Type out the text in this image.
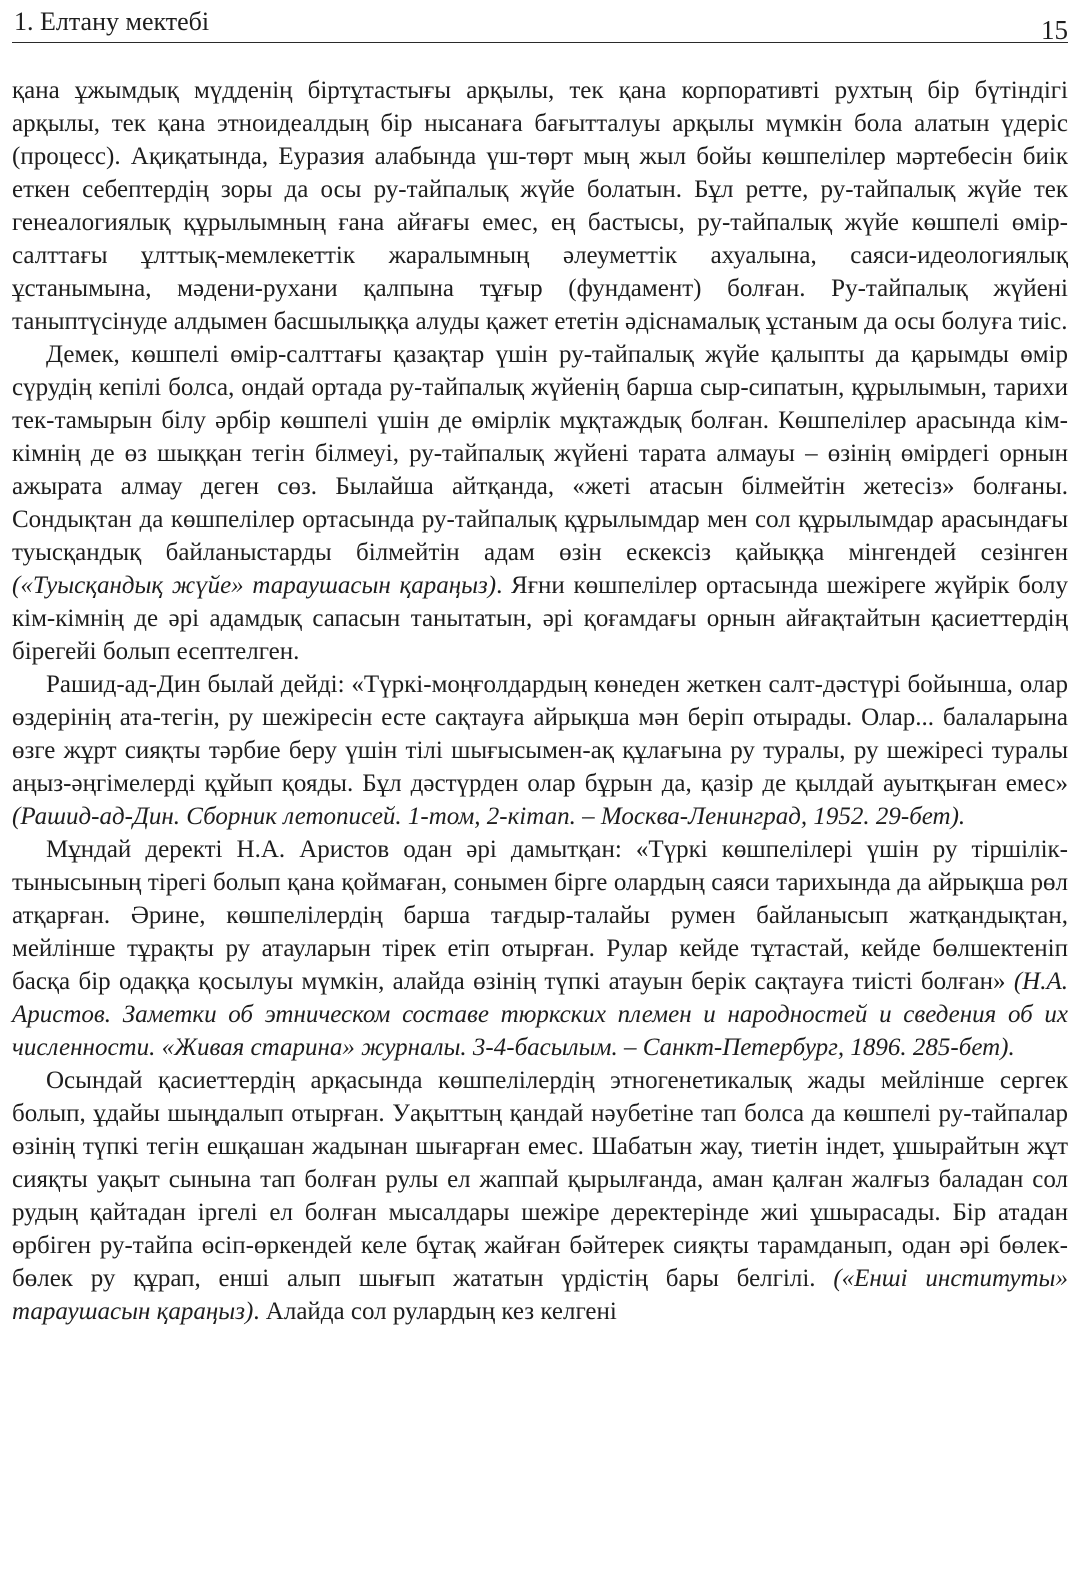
1. Елтану мектебі	15

қана ұжымдық мүдденің біртұтастығы арқылы, тек қана корпоративті рухтың бір бүтіндігі арқылы, тек қана этноидеалдың бір нысанаға бағытталуы арқылы мүмкін бола алатын үдеріс (процесс). Ақиқатында, Еуразия алабында үш-төрт мың жыл бойы көшпелілер мәртебесін биік еткен себептердің зоры да осы ру-тайпалық жүйе болатын. Бұл ретте, ру-тайпалық жүйе тек генеалогиялық құрылымның ғана айғағы емес, ең бастысы, ру-тайпалық жүйе көшпелі өмір-салттағы ұлттық-мемлекеттік жаралымның әлеуметтік ахуалына, саяси-идеологиялық ұстанымына, мәдени-рухани қалпына тұғыр (фундамент) болған. Ру-тайпалық жүйені таныптүсінуде алдымен басшылыққа алуды қажет ететін әдіснамалық ұстаным да осы болуға тиіс.

Демек, көшпелі өмір-салттағы қазақтар үшін ру-тайпалық жүйе қалыпты да қарымды өмір сүрудің кепілі болса, ондай ортада ру-тайпалық жүйенің барша сыр-сипатын, құрылымын, тарихи тек-тамырын білу әрбір көшпелі үшін де өмірлік мұқтаждық болған. Көшпелілер арасында кім-кімнің де өз шыққан тегін білмеуі, ру-тайпалық жүйені тарата алмауы – өзінің өмірдегі орнын ажырата алмау деген сөз. Былайша айтқанда, «жеті атасын білмейтін жетесіз» болғаны. Сондықтан да көшпелілер ортасында ру-тайпалық құрылымдар мен сол құрылымдар арасындағы туысқандық байланыстарды білмейтін адам өзін ескексіз қайыққа мінгендей сезінген («Туысқандық жүйе» тараушасын қараңыз). Яғни көшпелілер ортасында шежіреге жүйрік болу кім-кімнің де әрі адамдық сапасын танытатын, әрі қоғамдағы орнын айғақтайтын қасиеттердің бірегейі болып есептелген.

Рашид-ад-Дин былай дейді: «Түркі-моңғолдардың көнеден жеткен салт-дәстүрі бойынша, олар өздерінің ата-тегін, ру шежіресін есте сақтауға айрықша мән беріп отырады. Олар... балаларына өзге жұрт сияқты тәрбие беру үшін тілі шығысымен-ақ құлағына ру туралы, ру шежіресі туралы аңыз-әңгімелерді құйып қояды. Бұл дәстүрден олар бұрын да, қазір де қылдай ауытқыған емес» (Рашид-ад-Дин. Сборник летописей. 1-том, 2-кітап. – Москва-Ленинград, 1952. 29-бет).

Мұндай деректі Н.А. Аристов одан әрі дамытқан: «Түркі көшпелілері үшін ру тіршілік-тынысының тірегі болып қана қоймаған, сонымен бірге олардың саяси тарихында да айрықша рөл атқарған. Әрине, көшпелілердің барша тағдыр-талайы румен байланысып жатқандықтан, мейлінше тұрақты ру атауларын тірек етіп отырған. Рулар кейде тұтастай, кейде бөлшектеніп басқа бір одаққа қосылуы мүмкін, алайда өзінің түпкі атауын берік сақтауға тиісті болған» (Н.А. Аристов. Заметки об этническом составе тюркских племен и народностей и сведения об их численности. «Живая старина» журналы. 3-4-басылым. – Санкт-Петербург, 1896. 285-бет).

Осындай қасиеттердің арқасында көшпелілердің этногенетикалық жады мейлінше сергек болып, ұдайы шыңдалып отырған. Уақыттың қандай нәубетіне тап болса да көшпелі ру-тайпалар өзінің түпкі тегін ешқашан жадынан шығарған емес. Шабатын жау, тиетін індет, ұшырайтын жұт сияқты уақыт сынына тап болған рулы ел жаппай қырылғанда, аман қалған жалғыз баладан сол рудың қайтадан іргелі ел болған мысалдары шежіре деректерінде жиі ұшырасады. Бір атадан өрбіген ру-тайпа өсіп-өркендей келе бұтақ жайған бәйтерек сияқты тарамданып, одан әрі бөлек-бөлек ру құрап, енші алып шығып жататын үрдістің бары белгілі. («Енші институты» тараушасын қараңыз). Алайда сол рулардың кез келгені
